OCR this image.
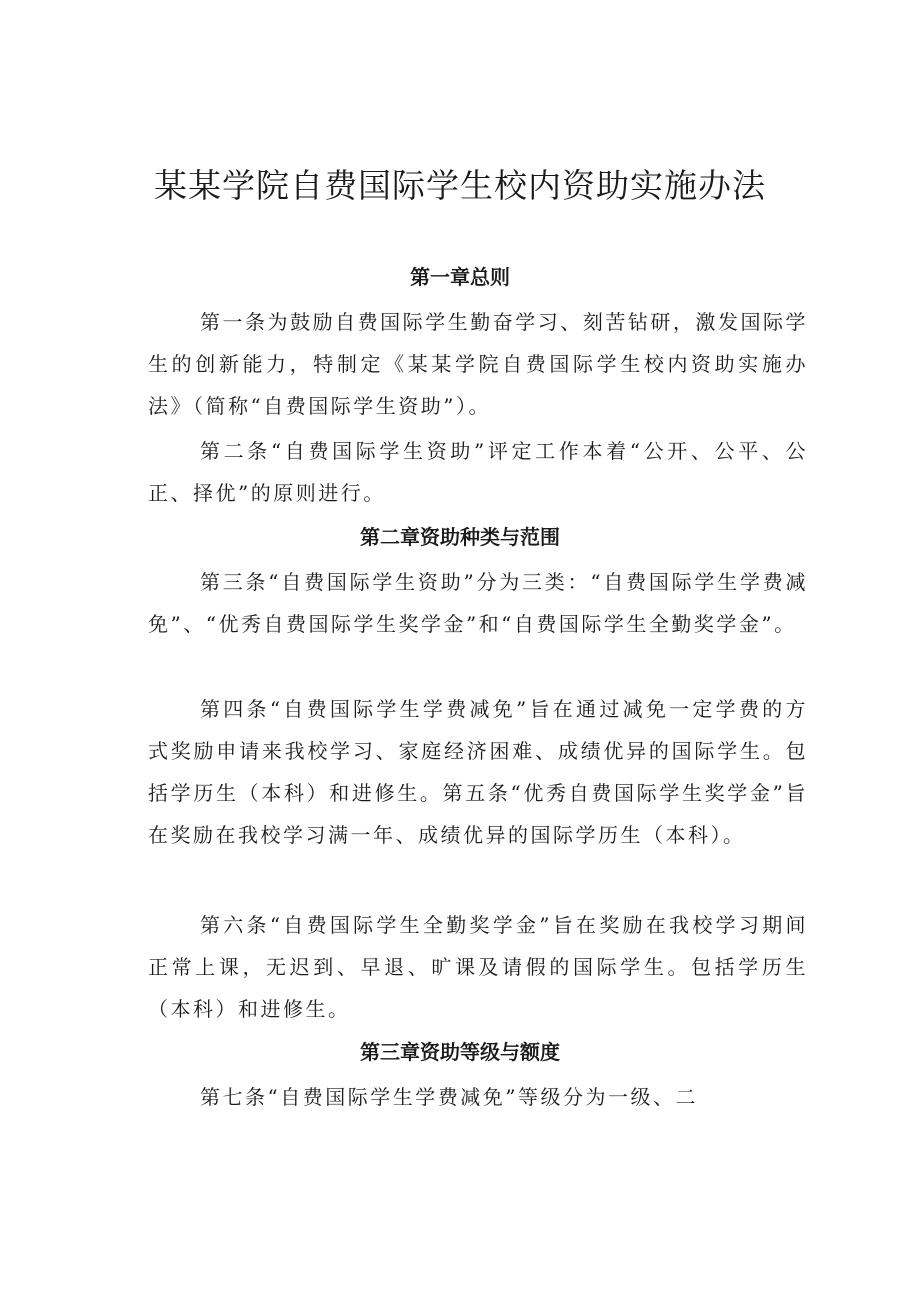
某某学院自费国际学生校内资助实施办法
第一章总则

第一条为鼓励自费国际学生勤奋学习、刻苦钻研，激发国际学生的创新能力，特制定《某某学院自费国际学生校内资助实施办法》（简称“自费国际学生资助”）。

第二条“自费国际学生资助”评定工作本着“公开、公平、公正、择优”的原则进行。

第二章资助种类与范围

第三条“自费国际学生资助”分为三类：“自费国际学生学费减免”、“优秀自费国际学生奖学金”和“自费国际学生全勤奖学金”。

第四条“自费国际学生学费减免”旨在通过减免一定学费的方式奖励申请来我校学习、家庭经济困难、成绩优异的国际学生。包括学历生（本科）和进修生。第五条“优秀自费国际学生奖学金”旨在奖励在我校学习满一年、成绩优异的国际学历生（本科）。

第六条“自费国际学生全勤奖学金”旨在奖励在我校学习期间正常上课，无迟到、早退、旷课及请假的国际学生。包括学历生（本科）和进修生。

第三章资助等级与额度

第七条“自费国际学生学费减免”等级分为一级、二
